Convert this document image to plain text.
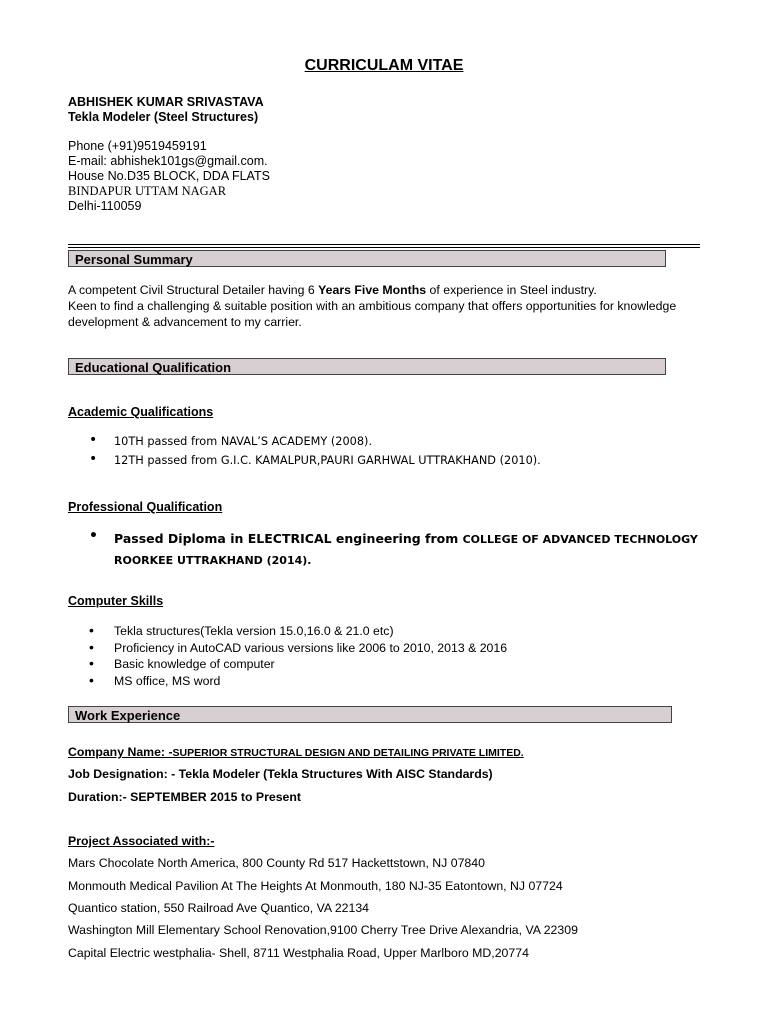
CURRICULAM VITAE
ABHISHEK KUMAR SRIVASTAVA
Tekla Modeler (Steel Structures)
Phone (+91)9519459191
E-mail: abhishek101gs@gmail.com.
House No.D35 BLOCK, DDA FLATS
BINDAPUR UTTAM NAGAR
Delhi-110059
Personal Summary
A competent Civil Structural Detailer having 6 Years Five Months of experience in Steel industry.
Keen to find a challenging & suitable position with an ambitious company that offers opportunities for knowledge development & advancement to my carrier.
Educational Qualification
Academic Qualifications
• 10TH passed from NAVAL’S ACADEMY (2008).
• 12TH passed from G.I.C. KAMALPUR,PAURI GARHWAL UTTRAKHAND (2010).
Professional Qualification
• Passed Diploma in ELECTRICAL engineering from COLLEGE OF ADVANCED TECHNOLOGY ROORKEE UTTRAKHAND (2014).
Computer Skills
• Tekla structures(Tekla version 15.0,16.0 & 21.0 etc)
• Proficiency in AutoCAD various versions like 2006 to 2010, 2013 & 2016
• Basic knowledge of computer
• MS office, MS word
Work Experience
Company Name: -SUPERIOR STRUCTURAL DESIGN AND DETAILING PRIVATE LIMITED.
Job Designation: - Tekla Modeler (Tekla Structures With AISC Standards)
Duration:- SEPTEMBER 2015 to Present
Project Associated with:-
Mars Chocolate North America, 800 County Rd 517 Hackettstown, NJ 07840
Monmouth Medical Pavilion At The Heights At Monmouth, 180 NJ-35 Eatontown, NJ 07724
Quantico station, 550 Railroad Ave Quantico, VA 22134
Washington Mill Elementary School Renovation,9100 Cherry Tree Drive Alexandria, VA 22309
Capital Electric westphalia- Shell, 8711 Westphalia Road, Upper Marlboro MD,20774
